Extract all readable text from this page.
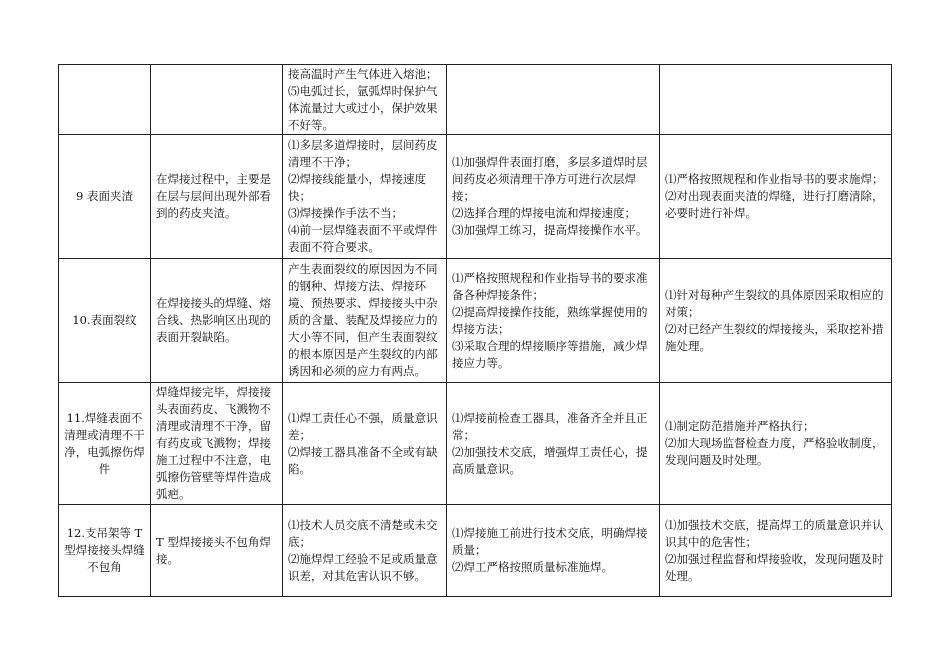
		接高温时产生气体进入熔池；
⑸电弧过长，氩弧焊时保护气体流量过大或过小，保护效果不好等。		

9 表面夹渣	在焊接过程中，主要是在层与层间出现外部看到的药皮夹渣。	⑴多层多道焊接时，层间药皮清理不干净；
⑵焊接线能量小，焊接速度快；
⑶焊接操作手法不当；
⑷前一层焊缝表面不平或焊件表面不符合要求。	⑴加强焊件表面打磨，多层多道焊时层间药皮必须清理干净方可进行次层焊接；
⑵选择合理的焊接电流和焊接速度；
⑶加强焊工练习，提高焊接操作水平。	⑴严格按照规程和作业指导书的要求施焊；
⑵对出现表面夹渣的焊缝，进行打磨清除，必要时进行补焊。

10.表面裂纹	在焊接接头的焊缝、熔合线、热影响区出现的表面开裂缺陷。	产生表面裂纹的原因因为不同的钢种、焊接方法、焊接环境、预热要求、焊接接头中杂质的含量、装配及焊接应力的大小等不同，但产生表面裂纹的根本原因是产生裂纹的内部诱因和必须的应力有两点。	⑴严格按照规程和作业指导书的要求准备各种焊接条件；
⑵提高焊接操作技能，熟练掌握使用的焊接方法；
⑶采取合理的焊接顺序等措施，减少焊接应力等。	⑴针对每种产生裂纹的具体原因采取相应的对策；
⑵对已经产生裂纹的焊接接头，采取挖补措施处理。

11.焊缝表面不清理或清理不干净，电弧擦伤焊件	焊缝焊接完毕，焊接接头表面药皮、飞溅物不清理或清理不干净，留有药皮或飞溅物；焊接施工过程中不注意，电弧擦伤管壁等焊件造成弧疤。	⑴焊工责任心不强，质量意识差；
⑵焊接工器具准备不全或有缺陷。	⑴焊接前检查工器具，准备齐全并且正常；
⑵加强技术交底，增强焊工责任心，提高质量意识。	⑴制定防范措施并严格执行；
⑵加大现场监督检查力度，严格验收制度，发现问题及时处理。

12.支吊架等 T 型焊接接头焊缝不包角	T 型焊接接头不包角焊接。	⑴技术人员交底不清楚或未交底；
⑵施焊焊工经验不足或质量意识差，对其危害认识不够。	⑴焊接施工前进行技术交底，明确焊接质量；
⑵焊工严格按照质量标准施焊。	⑴加强技术交底，提高焊工的质量意识并认识其中的危害性；
⑵加强过程监督和焊接验收，发现问题及时处理。
